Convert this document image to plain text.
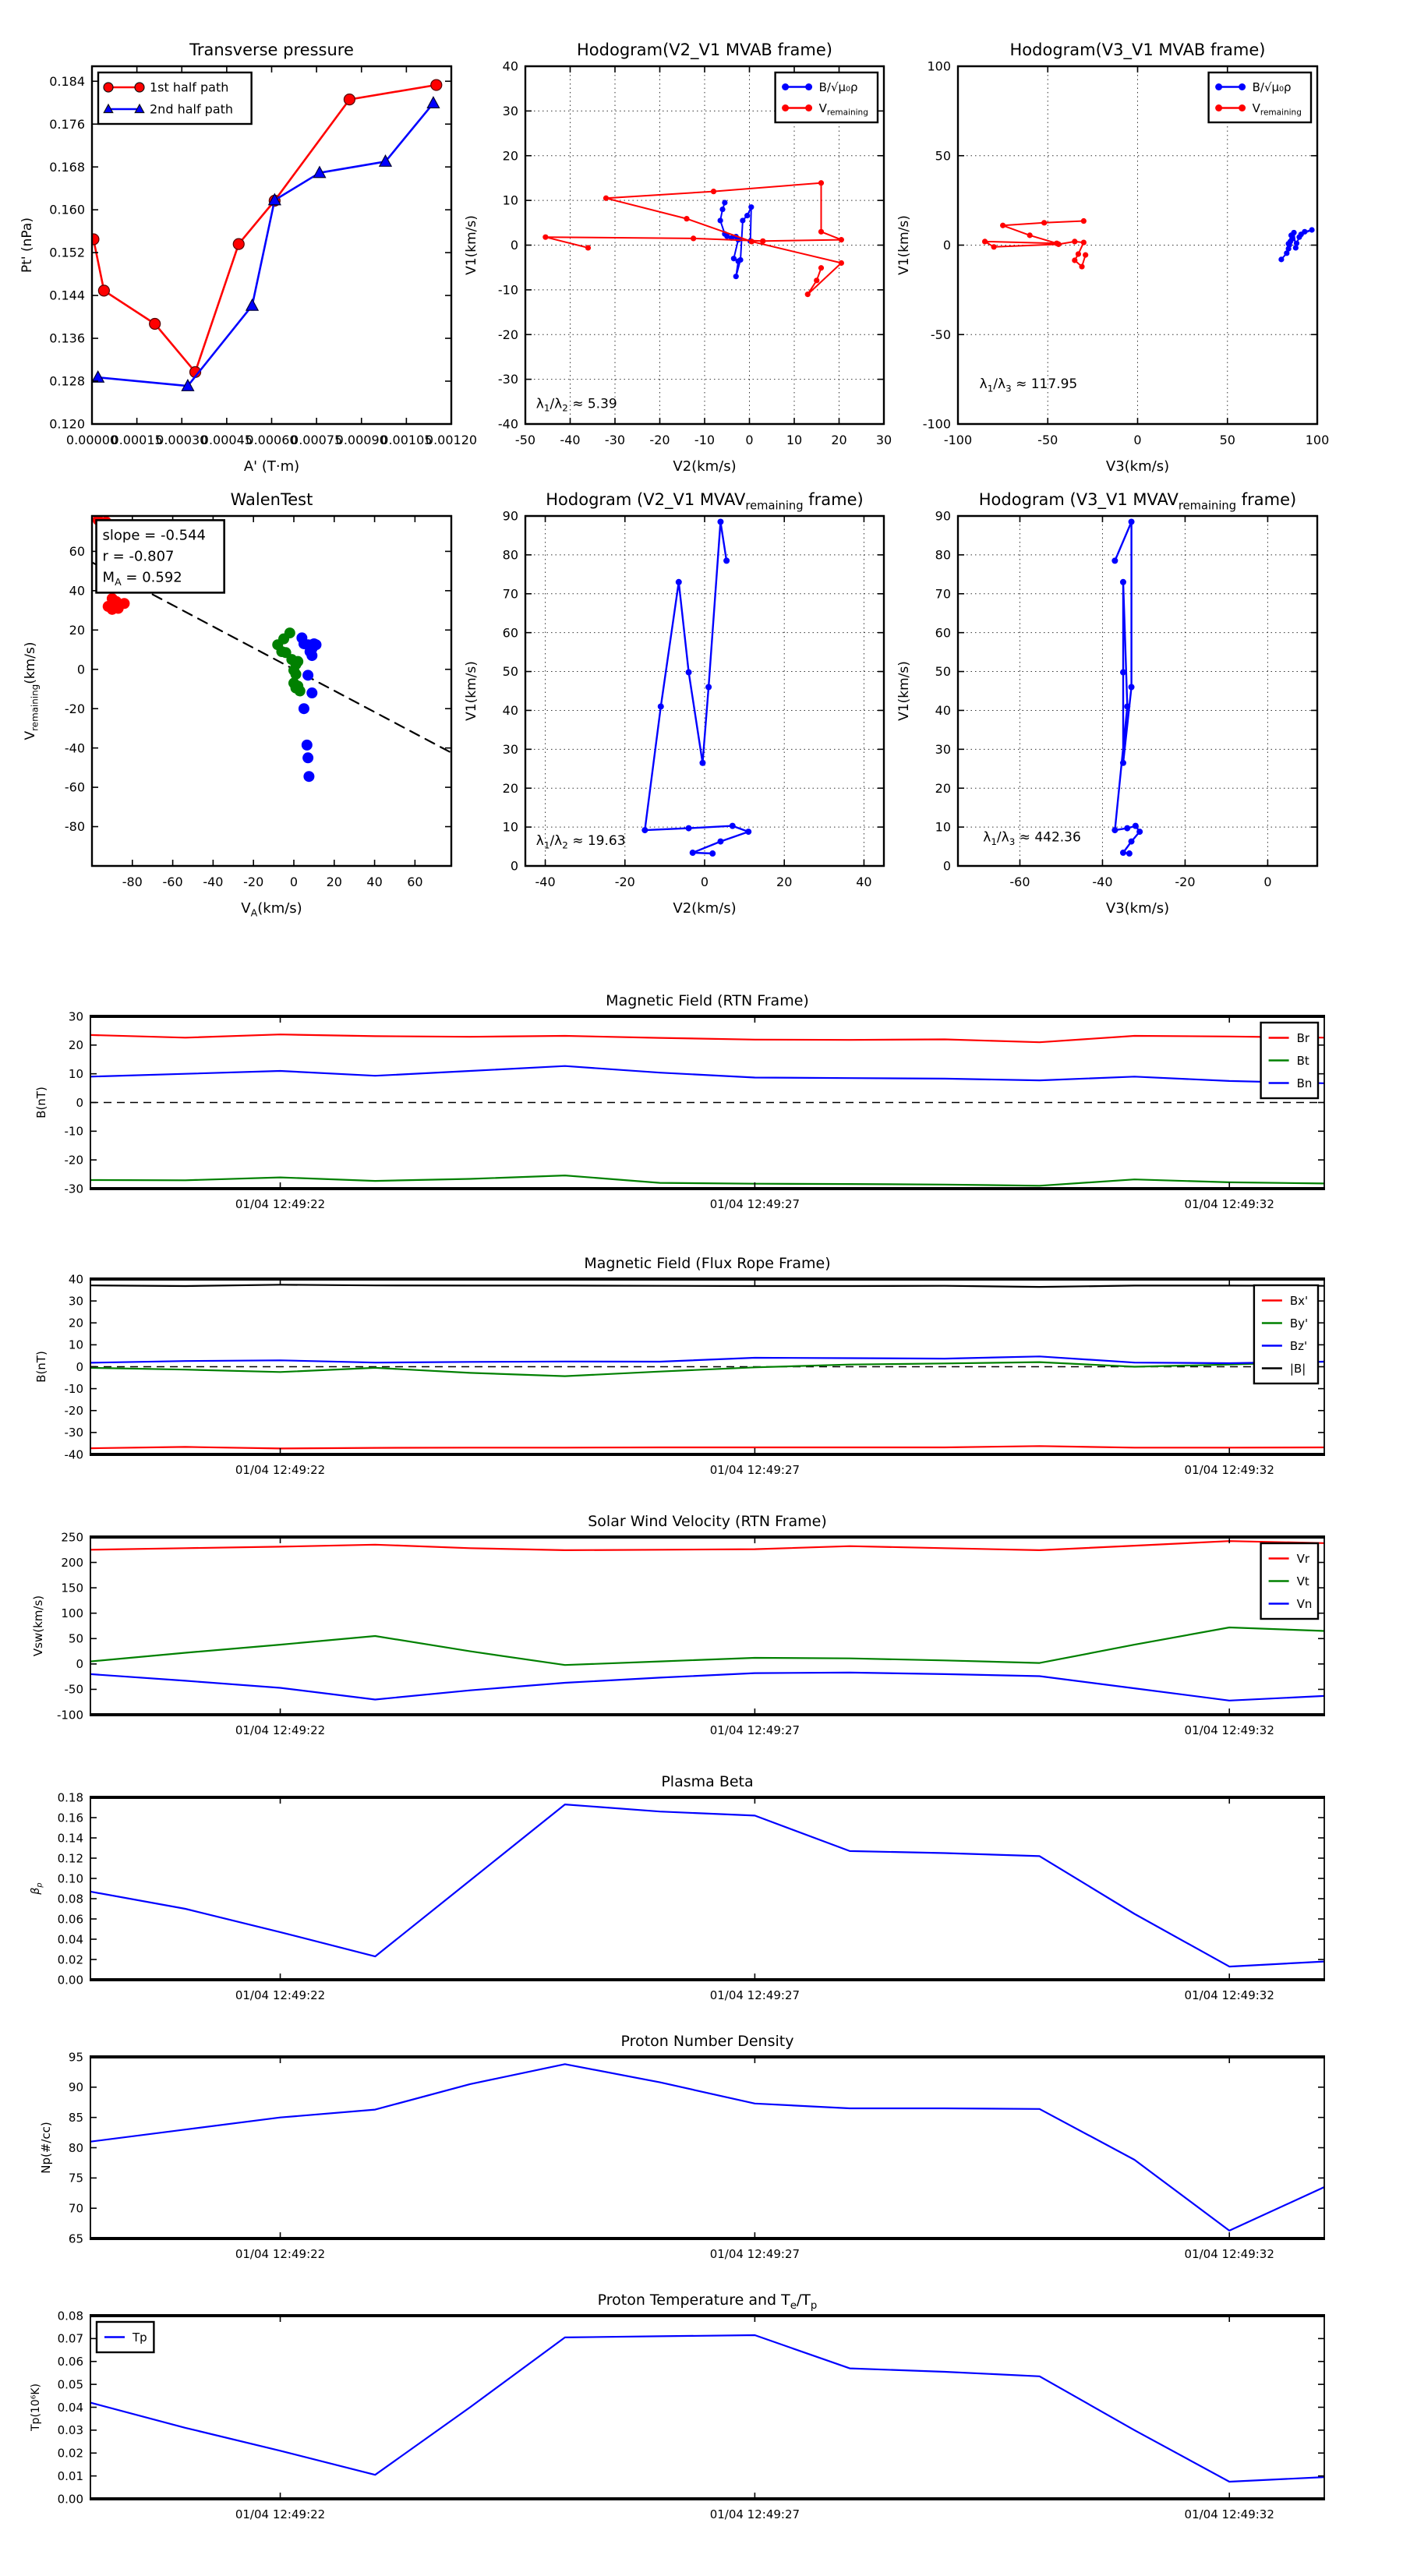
0.00000
0.00015
0.00030
0.00045
0.00060
0.00075
0.00090
0.00105
0.00120
0.120
0.128
0.136
0.144
0.152
0.160
0.168
0.176
0.184
Transverse pressure
A' (T·m)
Pt' (nPa)
1st half path
2nd half path
-50 -40 -30 -20 -10 0	10 20 30
-40
-30
-20
-10
0
10
20
30
40
Hodogram(V2_V1 MVAB frame)
V2(km/s)
V1(km/s)
B/√μ₀ρ
$V_{remaining}$
$\lambda_1/\lambda_2 \approx 5.39$
-100	-50	0	50	100
-100
-50
0
50
100
Hodogram(V3_V1 MVAB frame)
V3(km/s)
V1(km/s)
B/√μ₀ρ
$V_{remaining}$
$\lambda_1/\lambda_3 \approx 117.95$
-80 -60 -40 -20 0 20 40 60
-80
-60
-40
-20
0
20
40
60
WalenTest
$V_A(km/s)$
$V_{remaining}(km/s)$
slope = -0.544
r = -0.807
$M_A = 0.592$
-40	-20	0	20	40
0
10
20
30
40
50
60
70
80
90
Hodogram (V2_V1 $MVAV_{remaining}$ frame)
V2(km/s)
V1(km/s)
$\lambda_1/\lambda_2 \approx 19.63$
-60	-40	-20	0
0
10
20
30
40
50
60
70
80
90
Hodogram (V3_V1 $MVAV_{remaining}$ frame)
V3(km/s)
V1(km/s)
$\lambda_1/\lambda_3 \approx 442.36$
01/04 12:49:22	01/04 12:49:27	01/04 12:49:32
-30
-20
-10
0
10
20
30
Magnetic Field (RTN Frame)
B(nT)
Br
Bt
Bn
01/04 12:49:22	01/04 12:49:27	01/04 12:49:32
-40
-30
-20
-10
0
10
20
30
40
Magnetic Field (Flux Rope Frame)
B(nT)
Bx'
By'
Bz'
|B|
01/04 12:49:22	01/04 12:49:27	01/04 12:49:32
-100
-50
0
50
100
150
200
250
Solar Wind Velocity (RTN Frame)
Vsw(km/s)
Vr
Vt
Vn
01/04 12:49:22	01/04 12:49:27	01/04 12:49:32
0.00
0.02
0.04
0.06
0.08
0.10
0.12
0.14
0.16
0.18
Plasma Beta
$\beta_p$
01/04 12:49:22	01/04 12:49:27	01/04 12:49:32
65
70
75
80
85
90
95
Proton Number Density
Np(#/cc)
01/04 12:49:22	01/04 12:49:27	01/04 12:49:32
0.00
0.01
0.02
0.03
0.04
0.05
0.06
0.07
0.08
Proton Temperature and $T_e/T_p$
Tp(10⁶K)
Tp
